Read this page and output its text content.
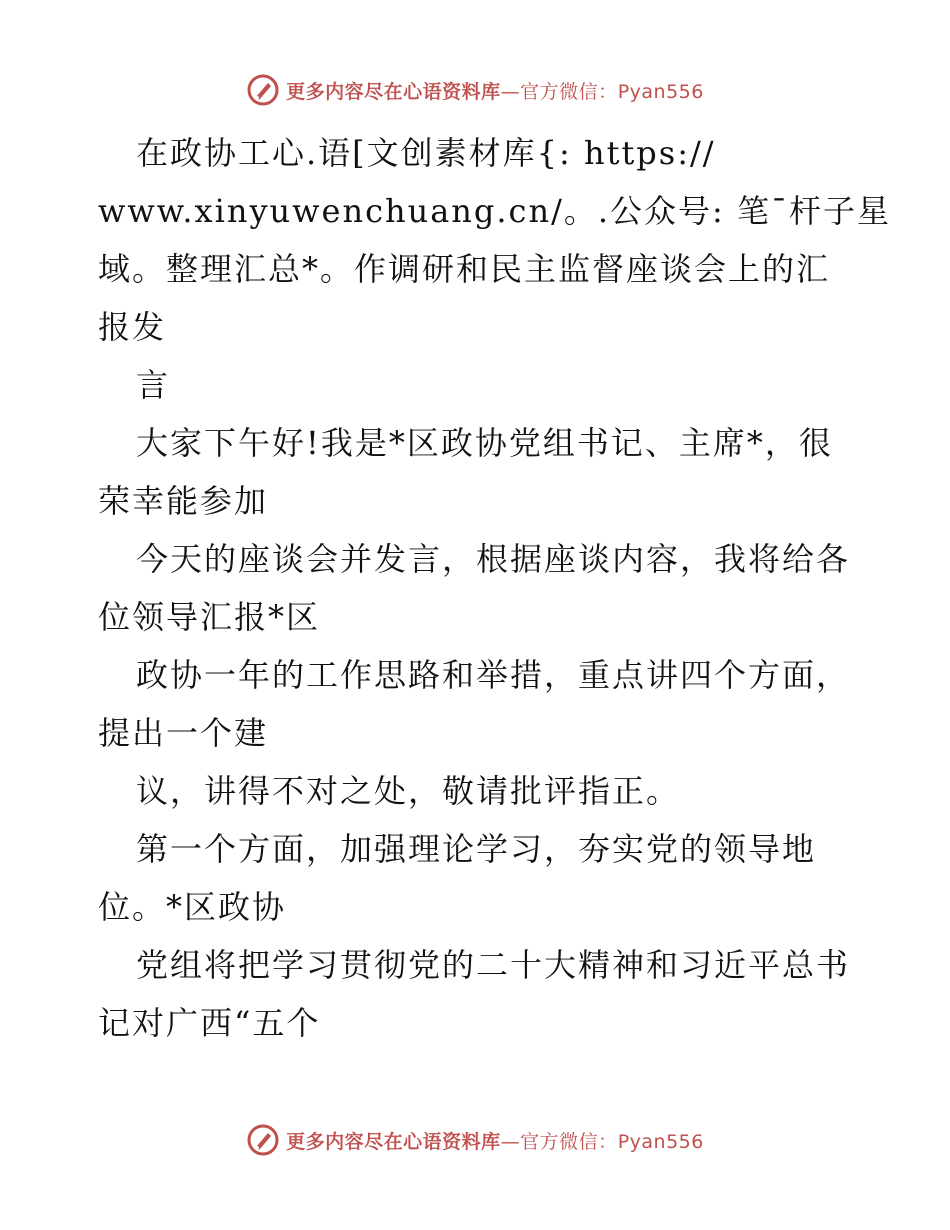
更多内容尽在心语资料库—官方微信：Pyan556
在政协工心.语[文创素材库{: https://
www.xinyuwenchuang.cn/。.公众号: 笔¯杆子星
域。整理汇总*。作调研和民主监督座谈会上的汇
报发
言
大家下午好!我是*区政协党组书记、主席*，很
荣幸能参加
今天的座谈会并发言，根据座谈内容，我将给各
位领导汇报*区
政协一年的工作思路和举措，重点讲四个方面，
提出一个建
议，讲得不对之处，敬请批评指正。
第一个方面，加强理论学习，夯实党的领导地
位。*区政协
党组将把学习贯彻党的二十大精神和习近平总书
记对广西“五个
更多内容尽在心语资料库—官方微信：Pyan556
